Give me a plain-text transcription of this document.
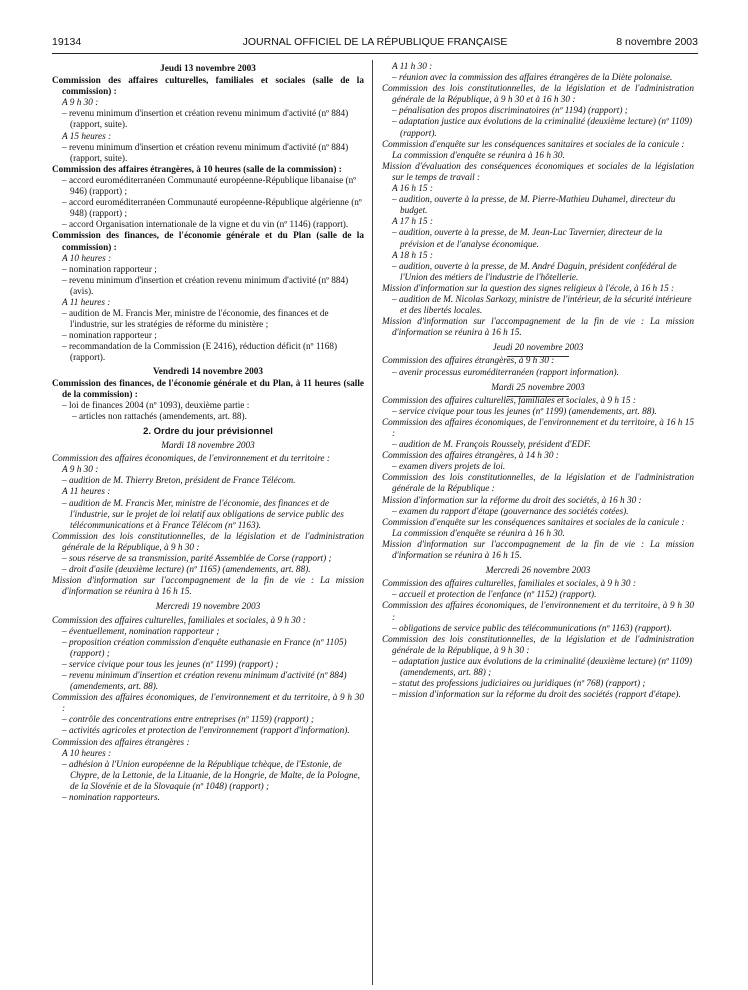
19134	JOURNAL OFFICIEL DE LA RÉPUBLIQUE FRANÇAISE	8 novembre 2003
Jeudi 13 novembre 2003
Commission des affaires culturelles, familiales et sociales (salle de la commission) :
A 9 h 30 :
– revenu minimum d'insertion et création revenu minimum d'activité (nº 884) (rapport, suite).
A 15 heures :
– revenu minimum d'insertion et création revenu minimum d'activité (nº 884) (rapport, suite).
Commission des affaires étrangères, à 10 heures (salle de la commission) :
– accord euroméditerranéen Communauté européenne-République libanaise (nº 946) (rapport) ;
– accord euroméditerranéen Communauté européenne-République algérienne (nº 948) (rapport) ;
– accord Organisation internationale de la vigne et du vin (nº 1146) (rapport).
Commission des finances, de l'économie générale et du Plan (salle de la commission) :
A 10 heures :
– nomination rapporteur ;
– revenu minimum d'insertion et création revenu minimum d'activité (nº 884) (avis).
A 11 heures :
– audition de M. Francis Mer, ministre de l'économie, des finances et de l'industrie, sur les stratégies de réforme du ministère ;
– nomination rapporteur ;
– recommandation de la Commission (E 2416), réduction déficit (nº 1168) (rapport).
Vendredi 14 novembre 2003
Commission des finances, de l'économie générale et du Plan, à 11 heures (salle de la commission) :
– loi de finances 2004 (nº 1093), deuxième partie :
– articles non rattachés (amendements, art. 88).
2. Ordre du jour prévisionnel
Mardi 18 novembre 2003
Commission des affaires économiques, de l'environnement et du territoire :
A 9 h 30 :
– audition de M. Thierry Breton, président de France Télécom.
A 11 heures :
– audition de M. Francis Mer, ministre de l'économie, des finances et de l'industrie, sur le projet de loi relatif aux obligations de service public des télécommunications et à France Télécom (nº 1163).
Commission des lois constitutionnelles, de la législation et de l'administration générale de la République, à 9 h 30 :
– sous réserve de sa transmission, parité Assemblée de Corse (rapport) ;
– droit d'asile (deuxième lecture) (nº 1165) (amendements, art. 88).
Mission d'information sur l'accompagnement de la fin de vie : La mission d'information se réunira à 16 h 15.
Mercredi 19 novembre 2003
Commission des affaires culturelles, familiales et sociales, à 9 h 30 :
– éventuellement, nomination rapporteur ;
– proposition création commission d'enquête euthanasie en France (nº 1105) (rapport) ;
– service civique pour tous les jeunes (nº 1199) (rapport) ;
– revenu minimum d'insertion et création revenu minimum d'activité (nº 884) (amendements, art. 88).
Commission des affaires économiques, de l'environnement et du territoire, à 9 h 30 :
– contrôle des concentrations entre entreprises (nº 1159) (rapport) ;
– activités agricoles et protection de l'environnement (rapport d'information).
Commission des affaires étrangères :
A 10 heures :
– adhésion à l'Union européenne de la République tchèque, de l'Estonie, de Chypre, de la Lettonie, de la Lituanie, de la Hongrie, de Malte, de la Pologne, de la Slovénie et de la Slovaquie (nº 1048) (rapport) ;
– nomination rapporteurs.
A 11 h 30 :
– réunion avec la commission des affaires étrangères de la Diète polonaise.
Commission des lois constitutionnelles, de la législation et de l'administration générale de la République, à 9 h 30 et à 16 h 30 :
– pénalisation des propos discriminatoires (nº 1194) (rapport) ;
– adaptation justice aux évolutions de la criminalité (deuxième lecture) (nº 1109) (rapport).
Commission d'enquête sur les conséquences sanitaires et sociales de la canicule :
La commission d'enquête se réunira à 16 h 30.
Mission d'évaluation des conséquences économiques et sociales de la législation sur le temps de travail :
A 16 h 15 :
– audition, ouverte à la presse, de M. Pierre-Mathieu Duhamel, directeur du budget.
A 17 h 15 :
– audition, ouverte à la presse, de M. Jean-Luc Tavernier, directeur de la prévision et de l'analyse économique.
A 18 h 15 :
– audition, ouverte à la presse, de M. André Daguin, président confédéral de l'Union des métiers de l'industrie de l'hôtellerie.
Mission d'information sur la question des signes religieux à l'école, à 16 h 15 :
– audition de M. Nicolas Sarkozy, ministre de l'intérieur, de la sécurité intérieure et des libertés locales.
Mission d'information sur l'accompagnement de la fin de vie : La mission d'information se réunira à 16 h 15.
Jeudi 20 novembre 2003
Commission des affaires étrangères, à 9 h 30 :
– avenir processus euroméditerranéen (rapport information).
Mardi 25 novembre 2003
Commission des affaires culturelles, familiales et sociales, à 9 h 15 :
– service civique pour tous les jeunes (nº 1199) (amendements, art. 88).
Commission des affaires économiques, de l'environnement et du territoire, à 16 h 15 :
– audition de M. François Roussely, président d'EDF.
Commission des affaires étrangères, à 14 h 30 :
– examen divers projets de loi.
Commission des lois constitutionnelles, de la législation et de l'administration générale de la République :
Mission d'information sur la réforme du droit des sociétés, à 16 h 30 :
– examen du rapport d'étape (gouvernance des sociétés cotées).
Commission d'enquête sur les conséquences sanitaires et sociales de la canicule :
La commission d'enquête se réunira à 16 h 30.
Mission d'information sur l'accompagnement de la fin de vie : La mission d'information se réunira à 16 h 15.
Mercredi 26 novembre 2003
Commission des affaires culturelles, familiales et sociales, à 9 h 30 :
– accueil et protection de l'enfance (nº 1152) (rapport).
Commission des affaires économiques, de l'environnement et du territoire, à 9 h 30 :
– obligations de service public des télécommunications (nº 1163) (rapport).
Commission des lois constitutionnelles, de la législation et de l'administration générale de la République, à 9 h 30 :
– adaptation justice aux évolutions de la criminalité (deuxième lecture) (nº 1109) (amendements, art. 88) ;
– statut des professions judiciaires ou juridiques (nº 768) (rapport) ;
– mission d'information sur la réforme du droit des sociétés (rapport d'étape).
